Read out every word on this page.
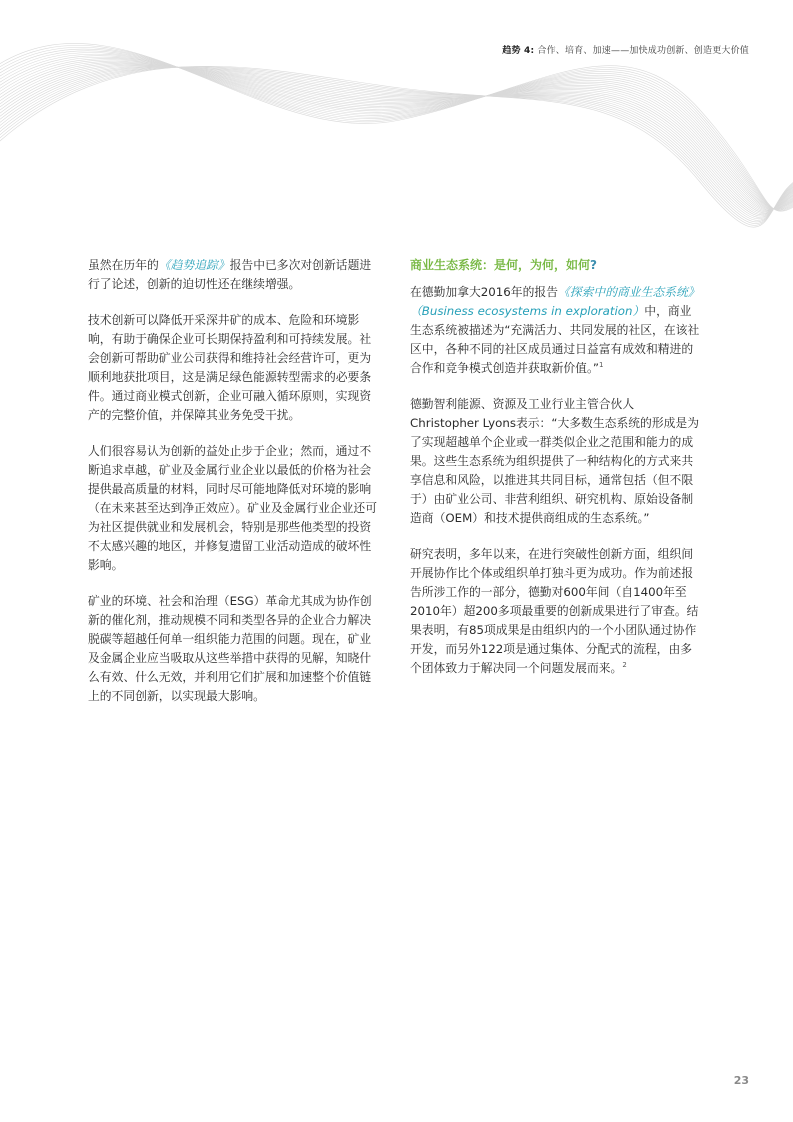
趋势 4: 合作、培育、加速——加快成功创新、创造更大价值

虽然在历年的《趋势追踪》报告中已多次对创新话题进行了论述，创新的迫切性还在继续增强。

技术创新可以降低开采深井矿的成本、危险和环境影响，有助于确保企业可长期保持盈利和可持续发展。社会创新可帮助矿业公司获得和维持社会经营许可，更为顺利地获批项目，这是满足绿色能源转型需求的必要条件。通过商业模式创新，企业可融入循环原则，实现资产的完整价值，并保障其业务免受干扰。

人们很容易认为创新的益处止步于企业；然而，通过不断追求卓越，矿业及金属行业企业以最低的价格为社会提供最高质量的材料，同时尽可能地降低对环境的影响（在未来甚至达到净正效应）。矿业及金属行业企业还可为社区提供就业和发展机会，特别是那些他类型的投资不太感兴趣的地区，并修复遗留工业活动造成的破坏性影响。

矿业的环境、社会和治理（ESG）革命尤其成为协作创新的催化剂，推动规模不同和类型各异的企业合力解决脱碳等超越任何单一组织能力范围的问题。现在，矿业及金属企业应当吸取从这些举措中获得的见解，知晓什么有效、什么无效，并利用它们扩展和加速整个价值链上的不同创新，以实现最大影响。

商业生态系统：是何，为何，如何?

在德勤加拿大2016年的报告《探索中的商业生态系统》（Business ecosystems in exploration）中，商业生态系统被描述为“充满活力、共同发展的社区，在该社区中，各种不同的社区成员通过日益富有成效和精进的合作和竞争模式创造并获取新价值。”$^1$

德勤智利能源、资源及工业行业主管合伙人Christopher Lyons表示：“大多数生态系统的形成是为了实现超越单个企业或一群类似企业之范围和能力的成果。这些生态系统为组织提供了一种结构化的方式来共享信息和风险，以推进其共同目标，通常包括（但不限于）由矿业公司、非营利组织、研究机构、原始设备制造商（OEM）和技术提供商组成的生态系统。”

研究表明，多年以来，在进行突破性创新方面，组织间开展协作比个体或组织单打独斗更为成功。作为前述报告所涉工作的一部分，德勤对600年间（自1400年至2010年）超200多项最重要的创新成果进行了审查。结果表明，有85项成果是由组织内的一个小团队通过协作开发，而另外122项是通过集体、分配式的流程，由多个团体致力于解决同一个问题发展而来。$^2$

23
